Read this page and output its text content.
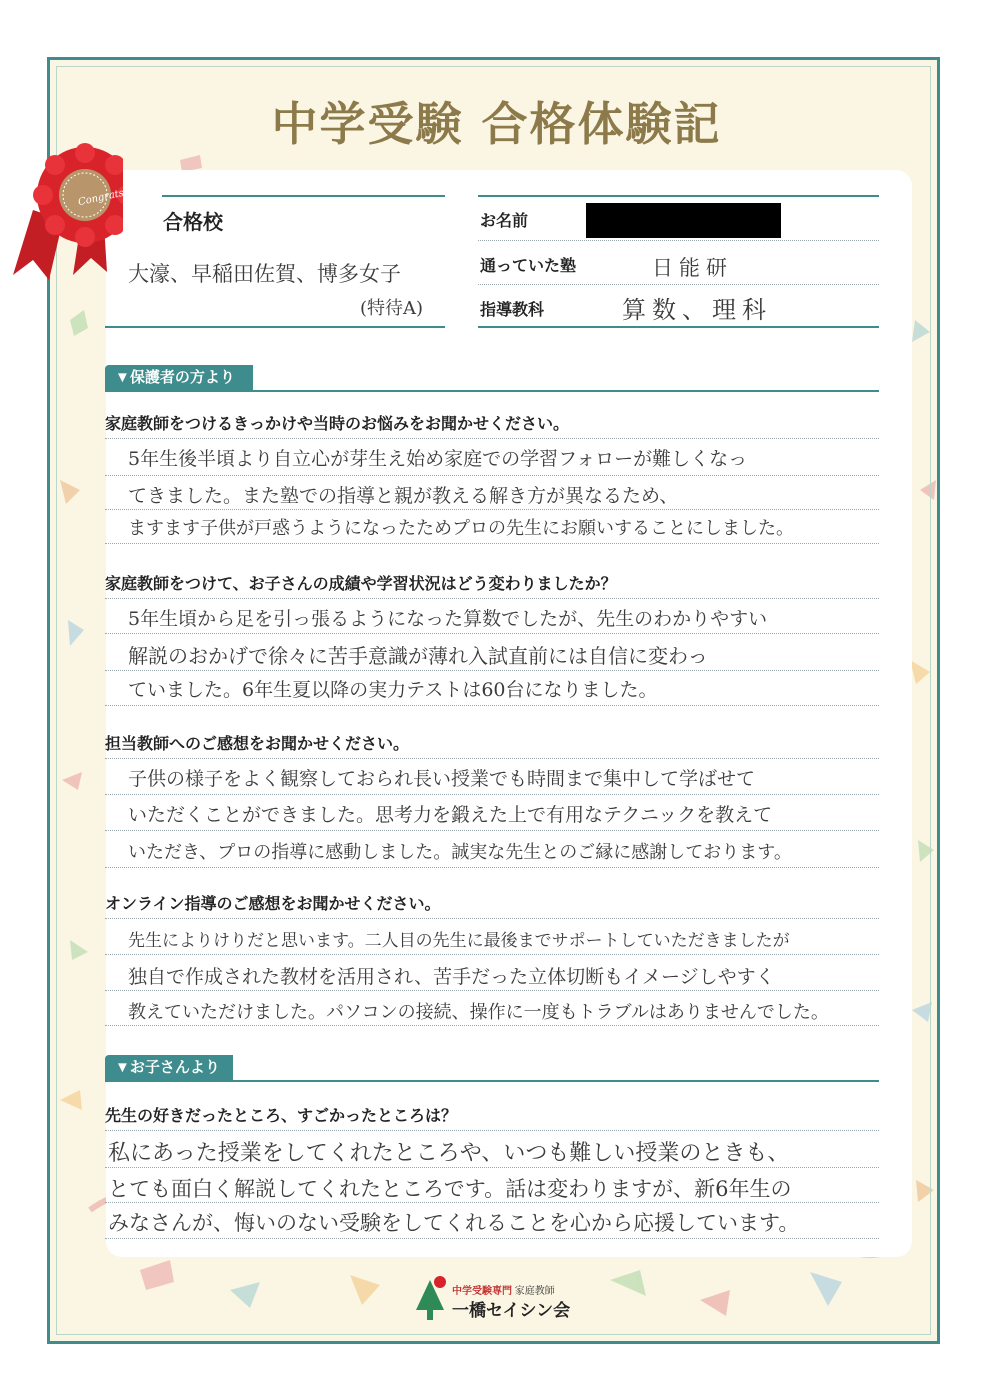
中学受験 合格体験記
Congrats!
合格校
大濠、早稲田佐賀、博多女子
(特待A)
お名前
通っていた塾	日能研
指導教科	算数、理科
▼保護者の方より
家庭教師をつけるきっかけや当時のお悩みをお聞かせください。
5年生後半頃より自立心が芽生え始め家庭での学習フォローが難しくなっ
てきました。また塾での指導と親が教える解き方が異なるため、
ますます子供が戸惑うようになったためプロの先生にお願いすることにしました。
家庭教師をつけて、お子さんの成績や学習状況はどう変わりましたか？
5年生頃から足を引っ張るようになった算数でしたが、先生のわかりやすい
解説のおかげで徐々に苦手意識が薄れ入試直前には自信に変わっ
ていました。6年生夏以降の実力テストは60台になりました。
担当教師へのご感想をお聞かせください。
子供の様子をよく観察しておられ長い授業でも時間まで集中して学ばせて
いただくことができました。思考力を鍛えた上で有用なテクニックを教えて
いただき、プロの指導に感動しました。誠実な先生とのご縁に感謝しております。
オンライン指導のご感想をお聞かせください。
先生によりけりだと思います。二人目の先生に最後までサポートしていただきましたが
独自で作成された教材を活用され、苦手だった立体切断もイメージしやすく
教えていただけました。パソコンの接続、操作に一度もトラブルはありませんでした。
▼お子さんより
先生の好きだったところ、すごかったところは？
私にあった授業をしてくれたところや、いつも難しい授業のときも、
とても面白く解説してくれたところです。話は変わりますが、新6年生の
みなさんが、悔いのない受験をしてくれることを心から応援しています。
中学受験専門 家庭教師
一橋セイシン会
